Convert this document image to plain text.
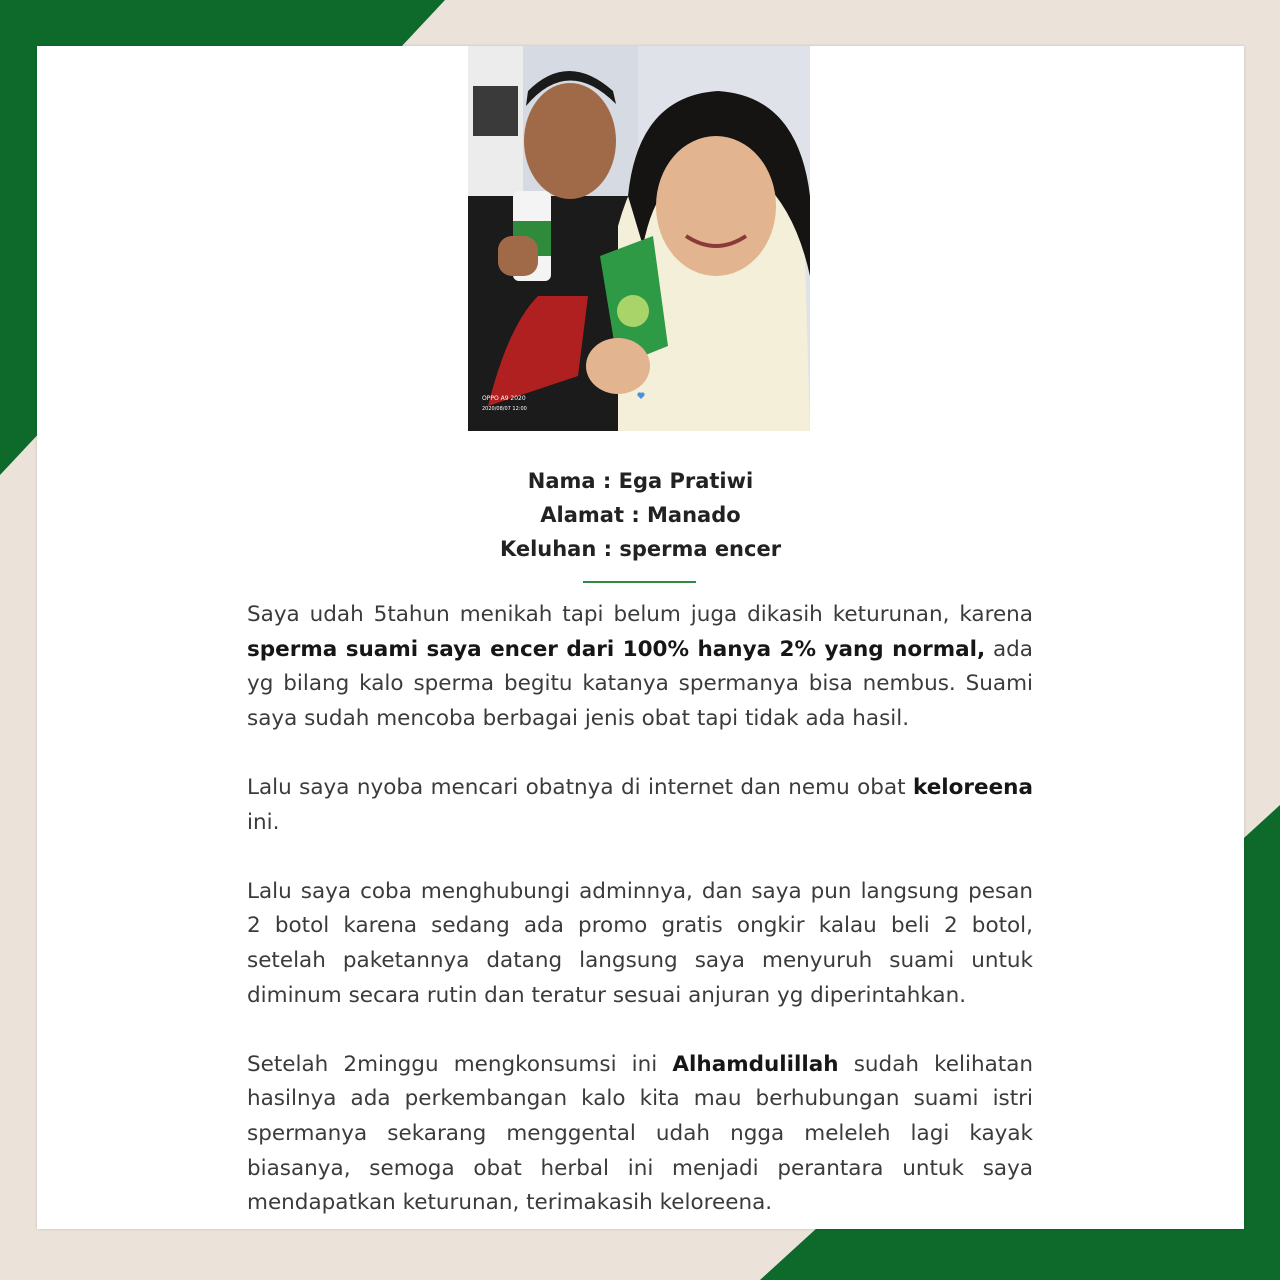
OPPO A9 2020
2020/08/07 12:00
Nama : Ega Pratiwi
Alamat : Manado
Keluhan : sperma encer

Saya udah 5tahun menikah tapi belum juga dikasih keturunan, karena sperma suami saya encer dari 100% hanya 2% yang normal, ada yg bilang kalo sperma begitu katanya spermanya bisa nembus. Suami saya sudah mencoba berbagai jenis obat tapi tidak ada hasil.

Lalu saya nyoba mencari obatnya di internet dan nemu obat keloreena ini.

Lalu saya coba menghubungi adminnya, dan saya pun langsung pesan 2 botol karena sedang ada promo gratis ongkir kalau beli 2 botol, setelah paketannya datang langsung saya menyuruh suami untuk diminum secara rutin dan teratur sesuai anjuran yg diperintahkan.

Setelah 2minggu mengkonsumsi ini Alhamdulillah sudah kelihatan hasilnya ada perkembangan kalo kita mau berhubungan suami istri spermanya sekarang menggental udah ngga meleleh lagi kayak biasanya, semoga obat herbal ini menjadi perantara untuk saya mendapatkan keturunan, terimakasih keloreena.
